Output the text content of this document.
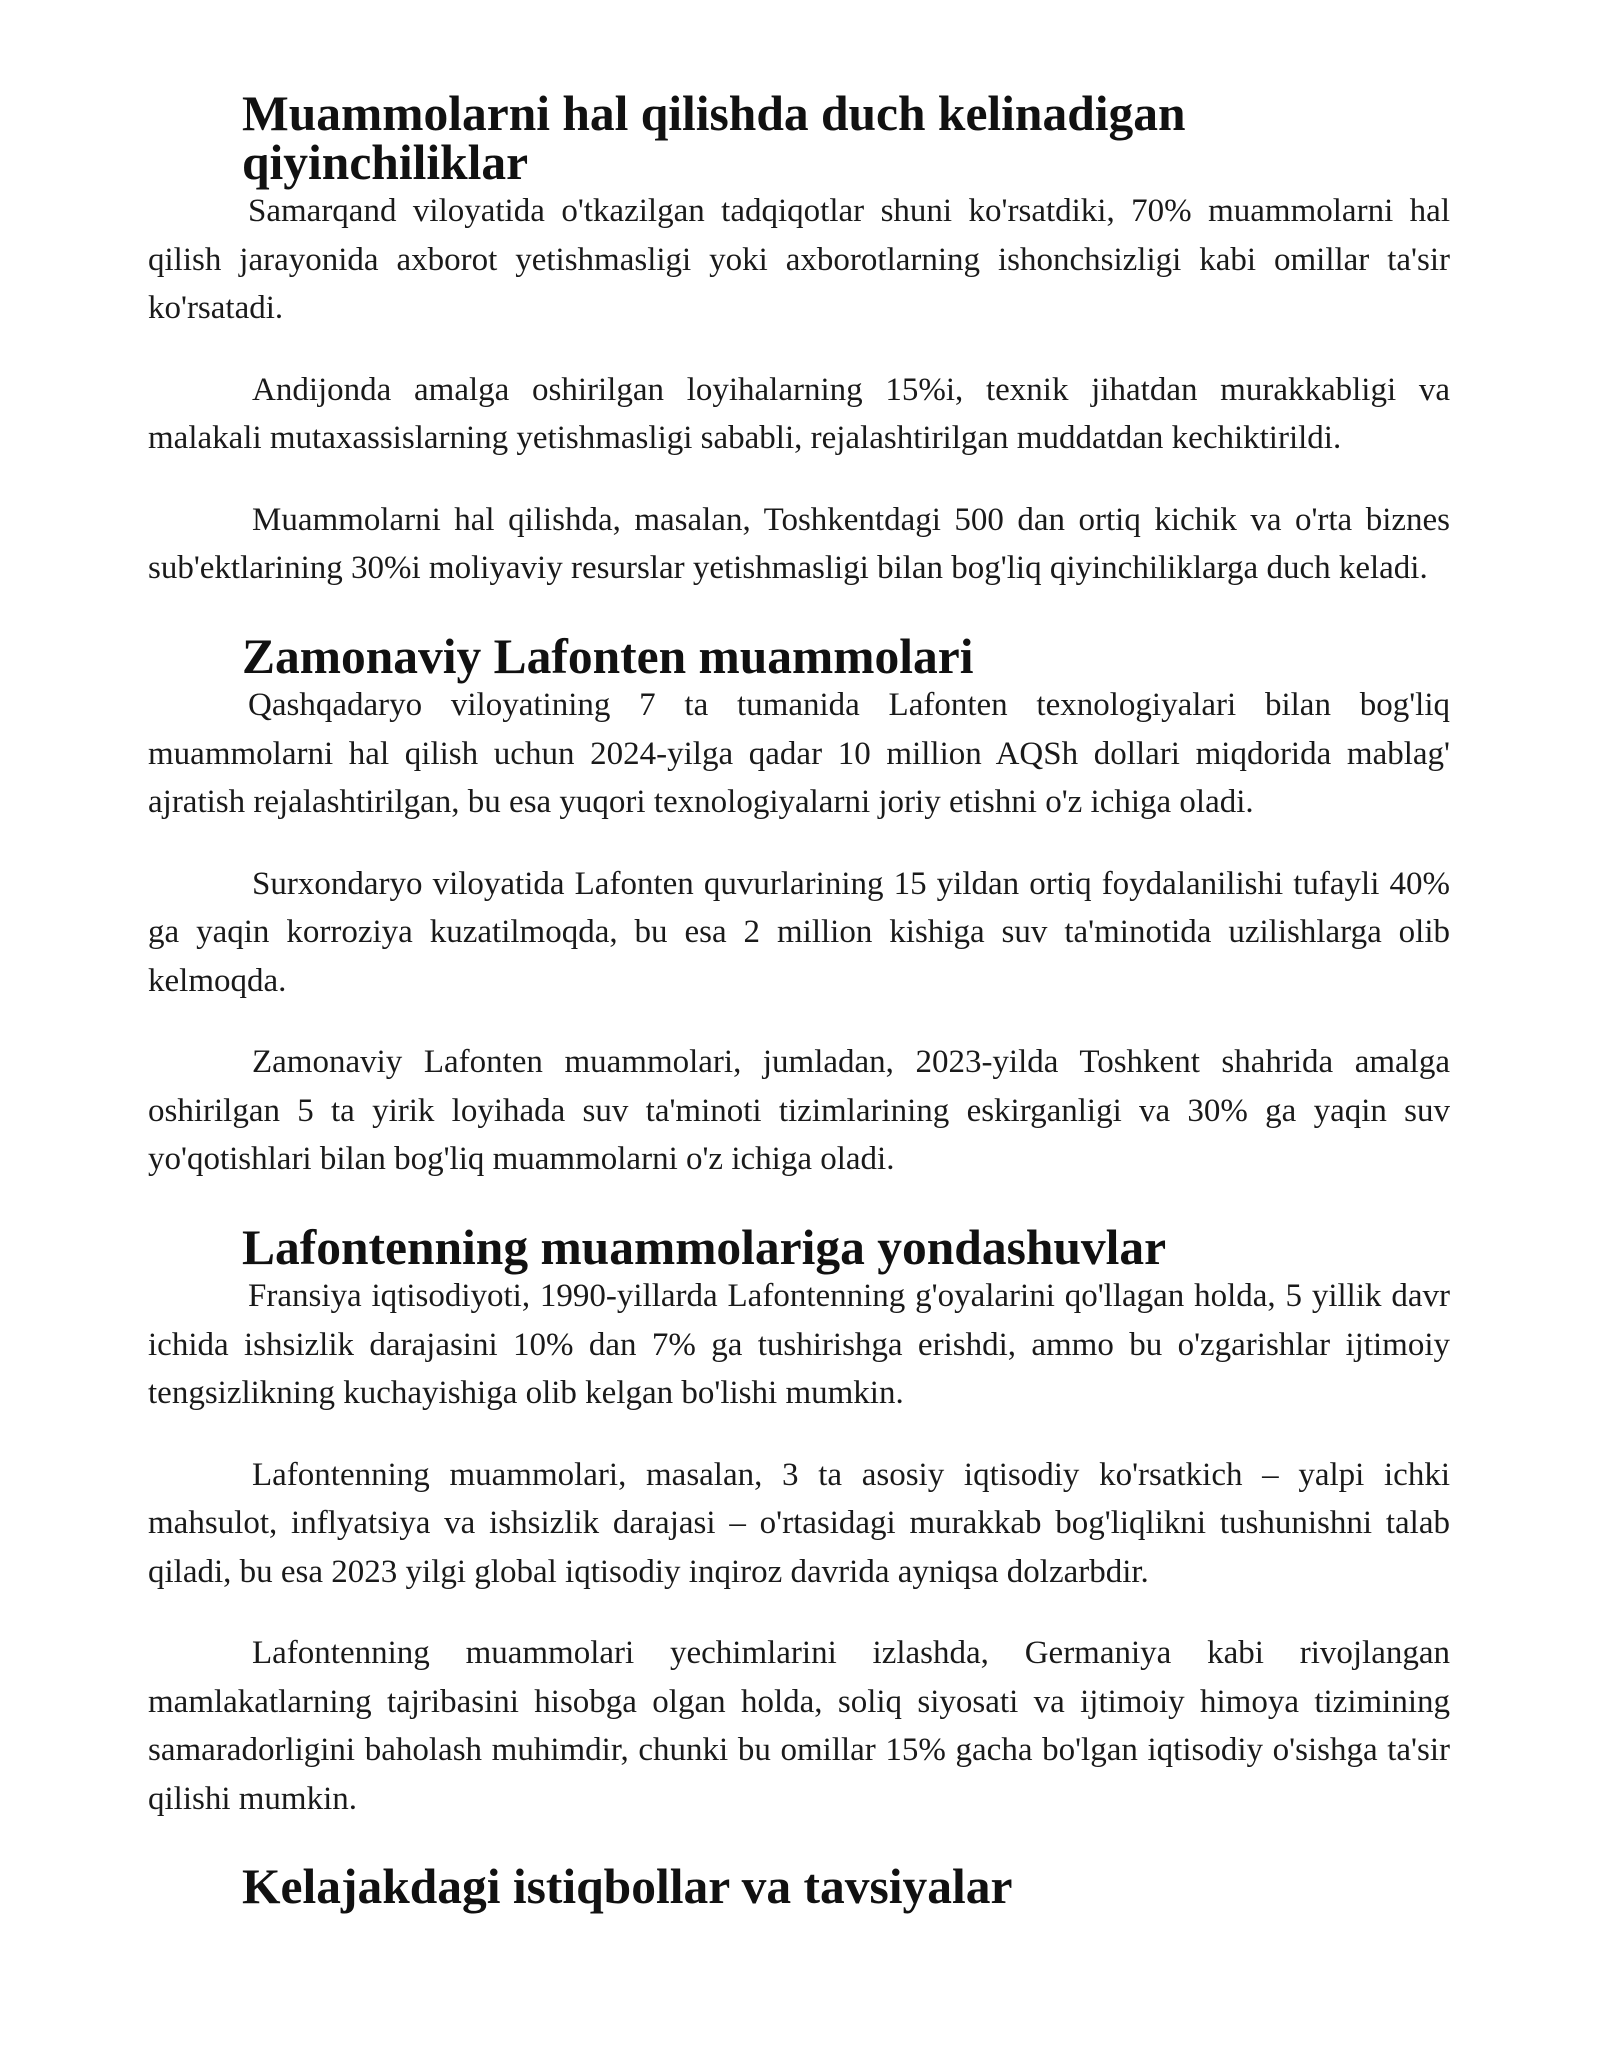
Muammolarni hal qilishda duch kelinadigan qiyinchiliklar

Samarqand viloyatida o'tkazilgan tadqiqotlar shuni ko'rsatdiki, 70% muammolarni hal qilish jarayonida axborot yetishmasligi yoki axborotlarning ishonchsizligi kabi omillar ta'sir ko'rsatadi.

Andijonda amalga oshirilgan loyihalarning 15%i, texnik jihatdan murakkabligi va malakali mutaxassislarning yetishmasligi sababli, rejalashtirilgan muddatdan kechiktirildi.

Muammolarni hal qilishda, masalan, Toshkentdagi 500 dan ortiq kichik va o'rta biznes sub'ektlarining 30%i moliyaviy resurslar yetishmasligi bilan bog'liq qiyinchiliklarga duch keladi.

Zamonaviy Lafonten muammolari

Qashqadaryo viloyatining 7 ta tumanida Lafonten texnologiyalari bilan bog'liq muammolarni hal qilish uchun 2024-yilga qadar 10 million AQSh dollari miqdorida mablag' ajratish rejalashtirilgan, bu esa yuqori texnologiyalarni joriy etishni o'z ichiga oladi.

Surxondaryo viloyatida Lafonten quvurlarining 15 yildan ortiq foydalanilishi tufayli 40% ga yaqin korroziya kuzatilmoqda, bu esa 2 million kishiga suv ta'minotida uzilishlarga olib kelmoqda.

Zamonaviy Lafonten muammolari, jumladan, 2023-yilda Toshkent shahrida amalga oshirilgan 5 ta yirik loyihada suv ta'minoti tizimlarining eskirganligi va 30% ga yaqin suv yo'qotishlari bilan bog'liq muammolarni o'z ichiga oladi.

Lafontenning muammolariga yondashuvlar

Fransiya iqtisodiyoti, 1990-yillarda Lafontenning g'oyalarini qo'llagan holda, 5 yillik davr ichida ishsizlik darajasini 10% dan 7% ga tushirishga erishdi, ammo bu o'zgarishlar ijtimoiy tengsizlikning kuchayishiga olib kelgan bo'lishi mumkin.

Lafontenning muammolari, masalan, 3 ta asosiy iqtisodiy ko'rsatkich – yalpi ichki mahsulot, inflyatsiya va ishsizlik darajasi – o'rtasidagi murakkab bog'liqlikni tushunishni talab qiladi, bu esa 2023 yilgi global iqtisodiy inqiroz davrida ayniqsa dolzarbdir.

Lafontenning muammolari yechimlarini izlashda, Germaniya kabi rivojlangan mamlakatlarning tajribasini hisobga olgan holda, soliq siyosati va ijtimoiy himoya tizimining samaradorligini baholash muhimdir, chunki bu omillar 15% gacha bo'lgan iqtisodiy o'sishga ta'sir qilishi mumkin.

Kelajakdagi istiqbollar va tavsiyalar
